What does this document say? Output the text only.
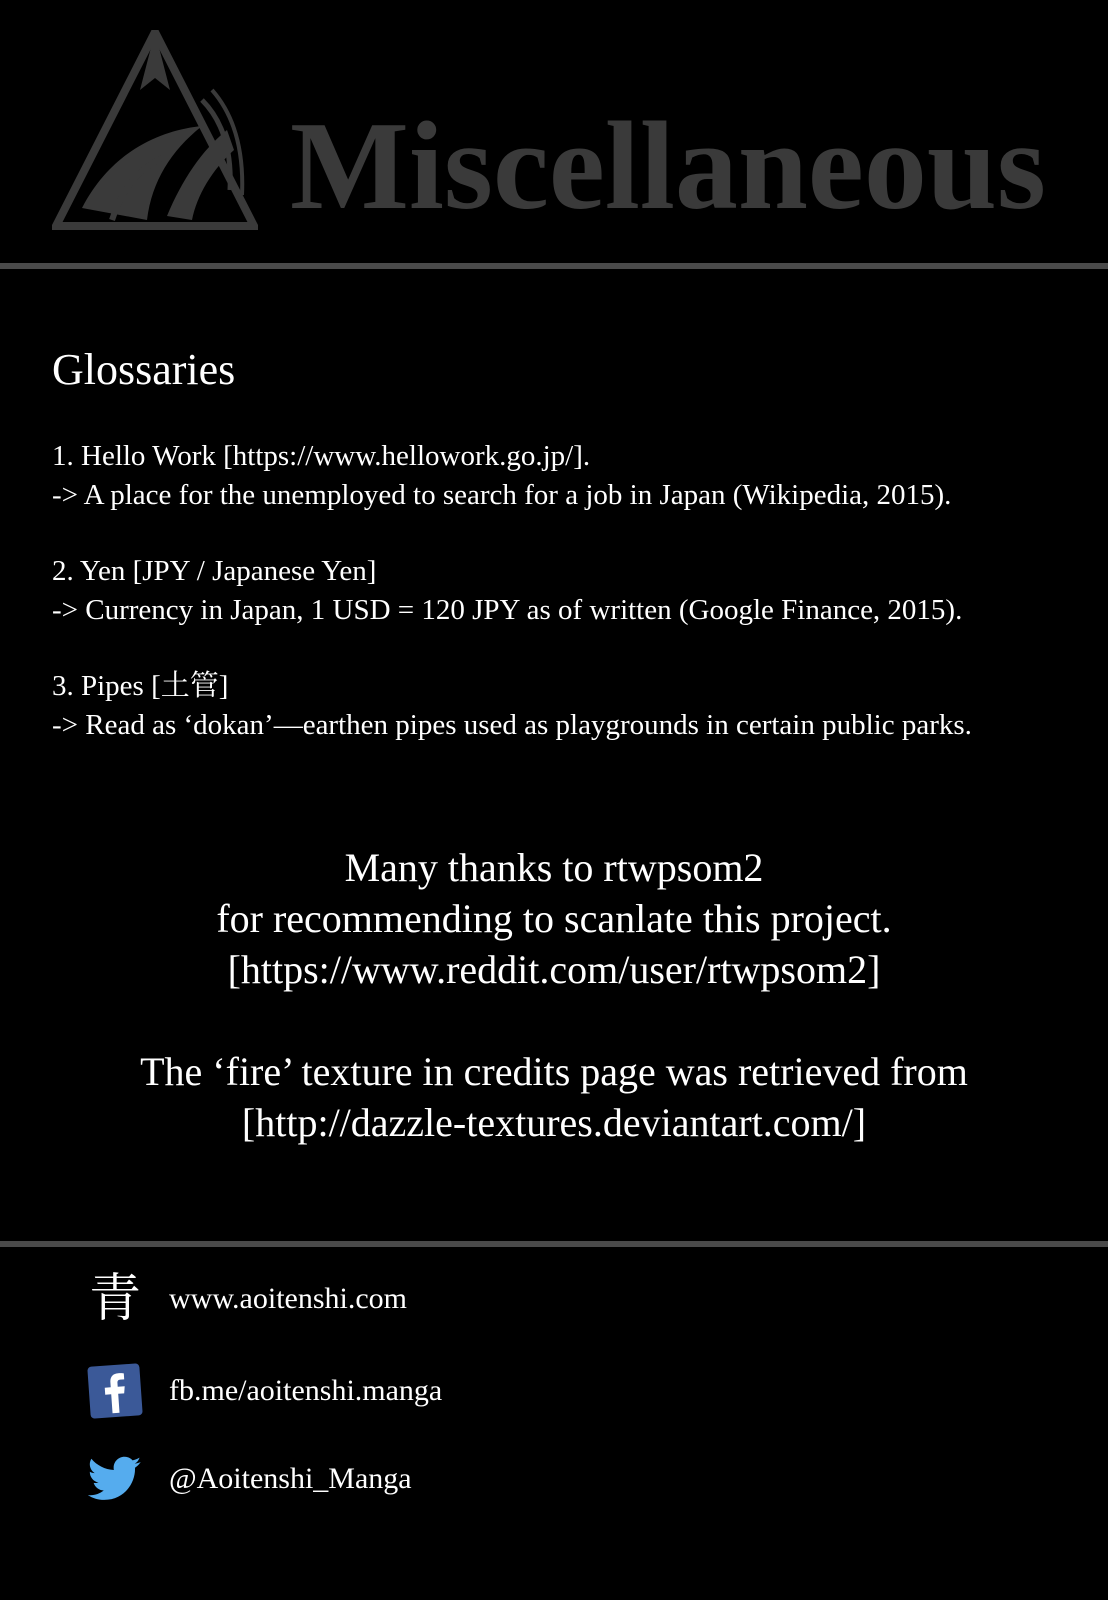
Miscellaneous
Glossaries
1. Hello Work [https://www.hellowork.go.jp/].
-> A place for the unemployed to search for a job in Japan (Wikipedia, 2015).
2. Yen [JPY / Japanese Yen]
-> Currency in Japan, 1 USD = 120 JPY as of written (Google Finance, 2015).
3. Pipes [土管]
-> Read as ‘dokan’—earthen pipes used as playgrounds in certain public parks.
Many thanks to rtwpsom2
for recommending to scanlate this project.
[https://www.reddit.com/user/rtwpsom2]
The ‘fire’ texture in credits page was retrieved from
[http://dazzle-textures.deviantart.com/]
青 www.aoitenshi.com
fb.me/aoitenshi.manga
@Aoitenshi_Manga
